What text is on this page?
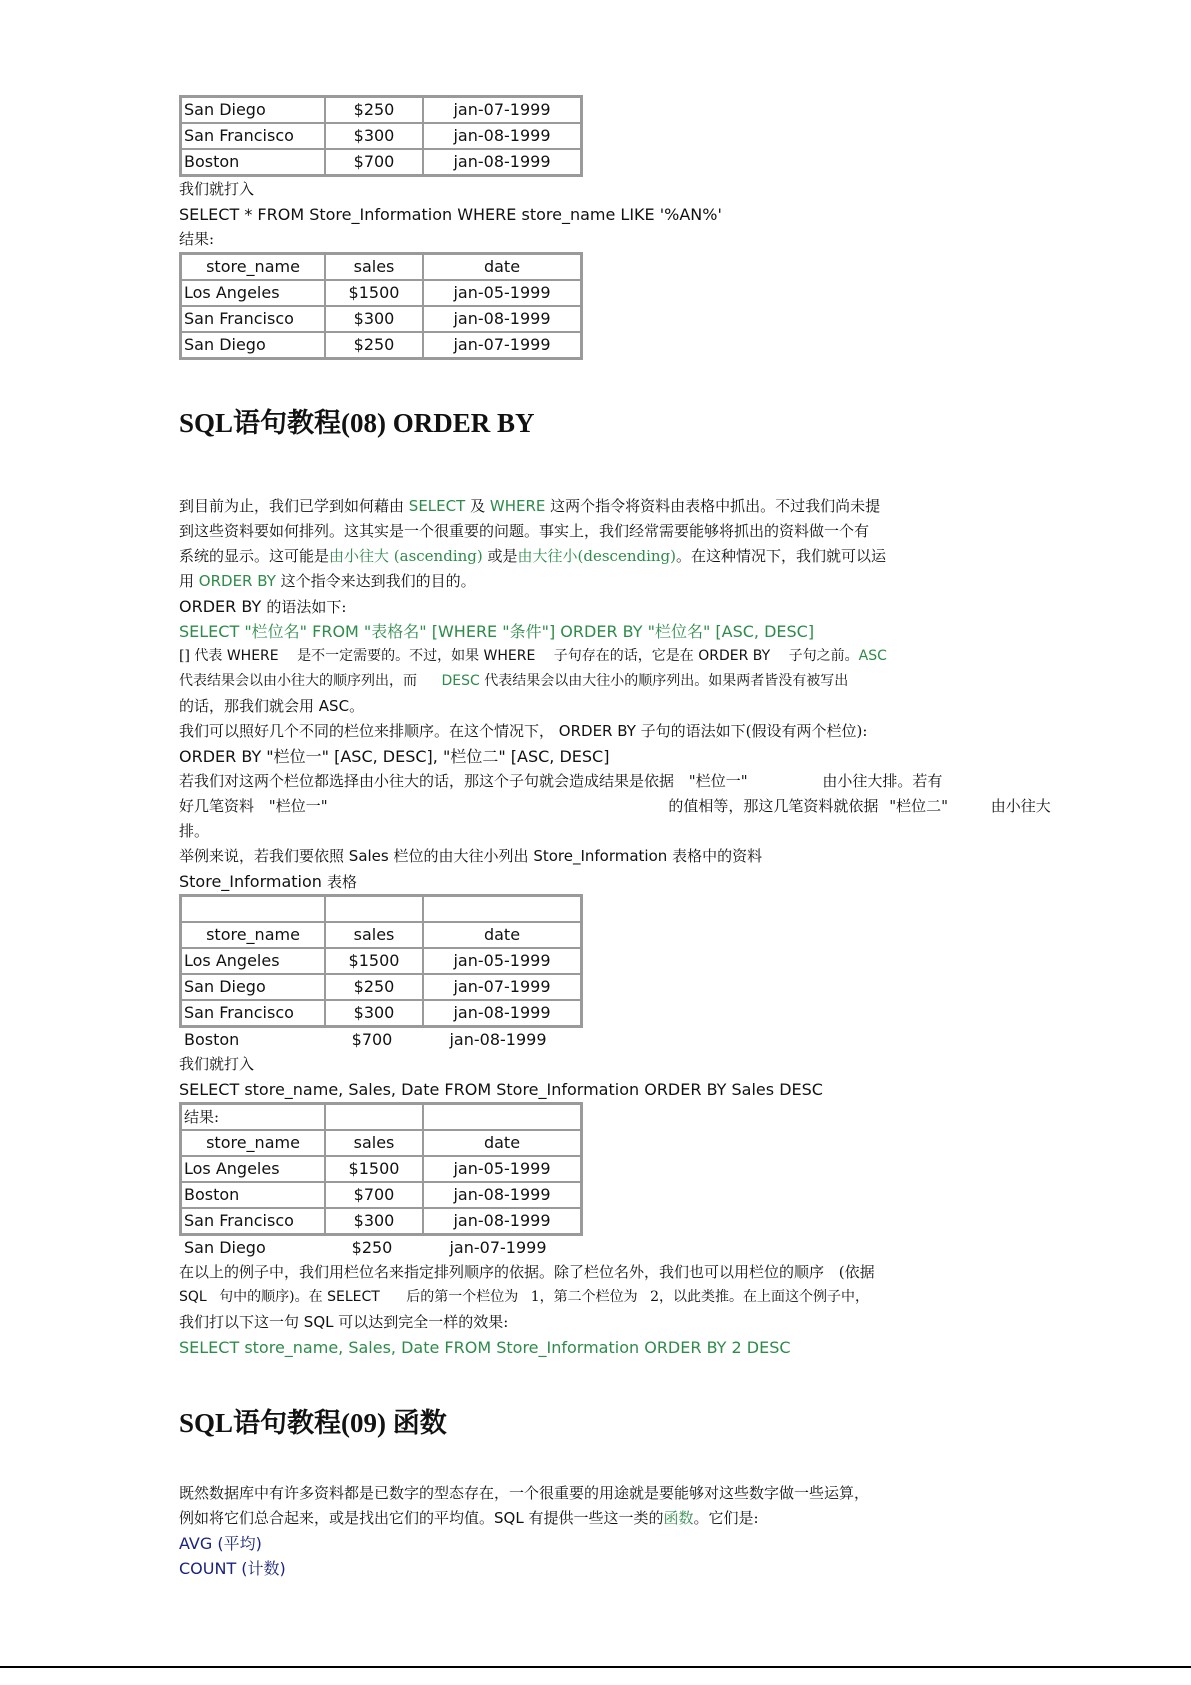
San Diego	$250	jan-07-1999
San Francisco	$300	jan-08-1999
Boston	$700	jan-08-1999

我们就打入

SELECT * FROM Store_Information WHERE store_name LIKE '%AN%'

结果:

store_name	sales	date
Los Angeles	$1500	jan-05-1999
San Francisco	$300	jan-08-1999
San Diego	$250	jan-07-1999
SQL语句教程(08) ORDER BY

到目前为止，我们已学到如何藉由 SELECT 及 WHERE 这两个指令将资料由表格中抓出。不过我们尚未提

到这些资料要如何排列。这其实是一个很重要的问题。事实上，我们经常需要能够将抓出的资料做一个有

系统的显示。这可能是由小往大 (ascending) 或是由大往小(descending)。在这种情况下，我们就可以运

用 ORDER BY 这个指令来达到我们的目的。

ORDER BY 的语法如下:

SELECT "栏位名" FROM "表格名" [WHERE "条件"] ORDER BY "栏位名" [ASC, DESC]

[] 代表 WHERE 是不一定需要的。不过，如果 WHERE 子句存在的话，它是在 ORDER BY 子句之前。ASC

代表结果会以由小往大的顺序列出，而 DESC 代表结果会以由大往小的顺序列出。如果两者皆没有被写出

的话，那我们就会用 ASC。

我们可以照好几个不同的栏位来排顺序。在这个情况下， ORDER BY 子句的语法如下(假设有两个栏位):

ORDER BY "栏位一" [ASC, DESC], "栏位二" [ASC, DESC]

若我们对这两个栏位都选择由小往大的话，那这个子句就会造成结果是依据 "栏位一"	由小往大排。若有

好几笔资料 "栏位一"	的值相等，那这几笔资料就依据 "栏位二"	由小往大

排。

举例来说，若我们要依照 Sales 栏位的由大往小列出 Store_Information 表格中的资料

Store_Information 表格

store_name	sales	date
Los Angeles	$1500	jan-05-1999
San Diego	$250	jan-07-1999
San Francisco	$300	jan-08-1999
Boston	$700	jan-08-1999

我们就打入

SELECT store_name, Sales, Date FROM Store_Information ORDER BY Sales DESC

结果:		
store_name	sales	date
Los Angeles	$1500	jan-05-1999
Boston	$700	jan-08-1999
San Francisco	$300	jan-08-1999
San Diego	$250	jan-07-1999

在以上的例子中，我们用栏位名来指定排列顺序的依据。除了栏位名外，我们也可以用栏位的顺序 (依据

SQL 句中的顺序)。在 SELECT 后的第一个栏位为 1，第二个栏位为 2，以此类推。在上面这个例子中，

我们打以下这一句 SQL 可以达到完全一样的效果:

SELECT store_name, Sales, Date FROM Store_Information ORDER BY 2 DESC

SQL语句教程(09) 函数

既然数据库中有许多资料都是已数字的型态存在，一个很重要的用途就是要能够对这些数字做一些运算，

例如将它们总合起来，或是找出它们的平均值。SQL 有提供一些这一类的函数。它们是:

AVG (平均)

COUNT (计数)
